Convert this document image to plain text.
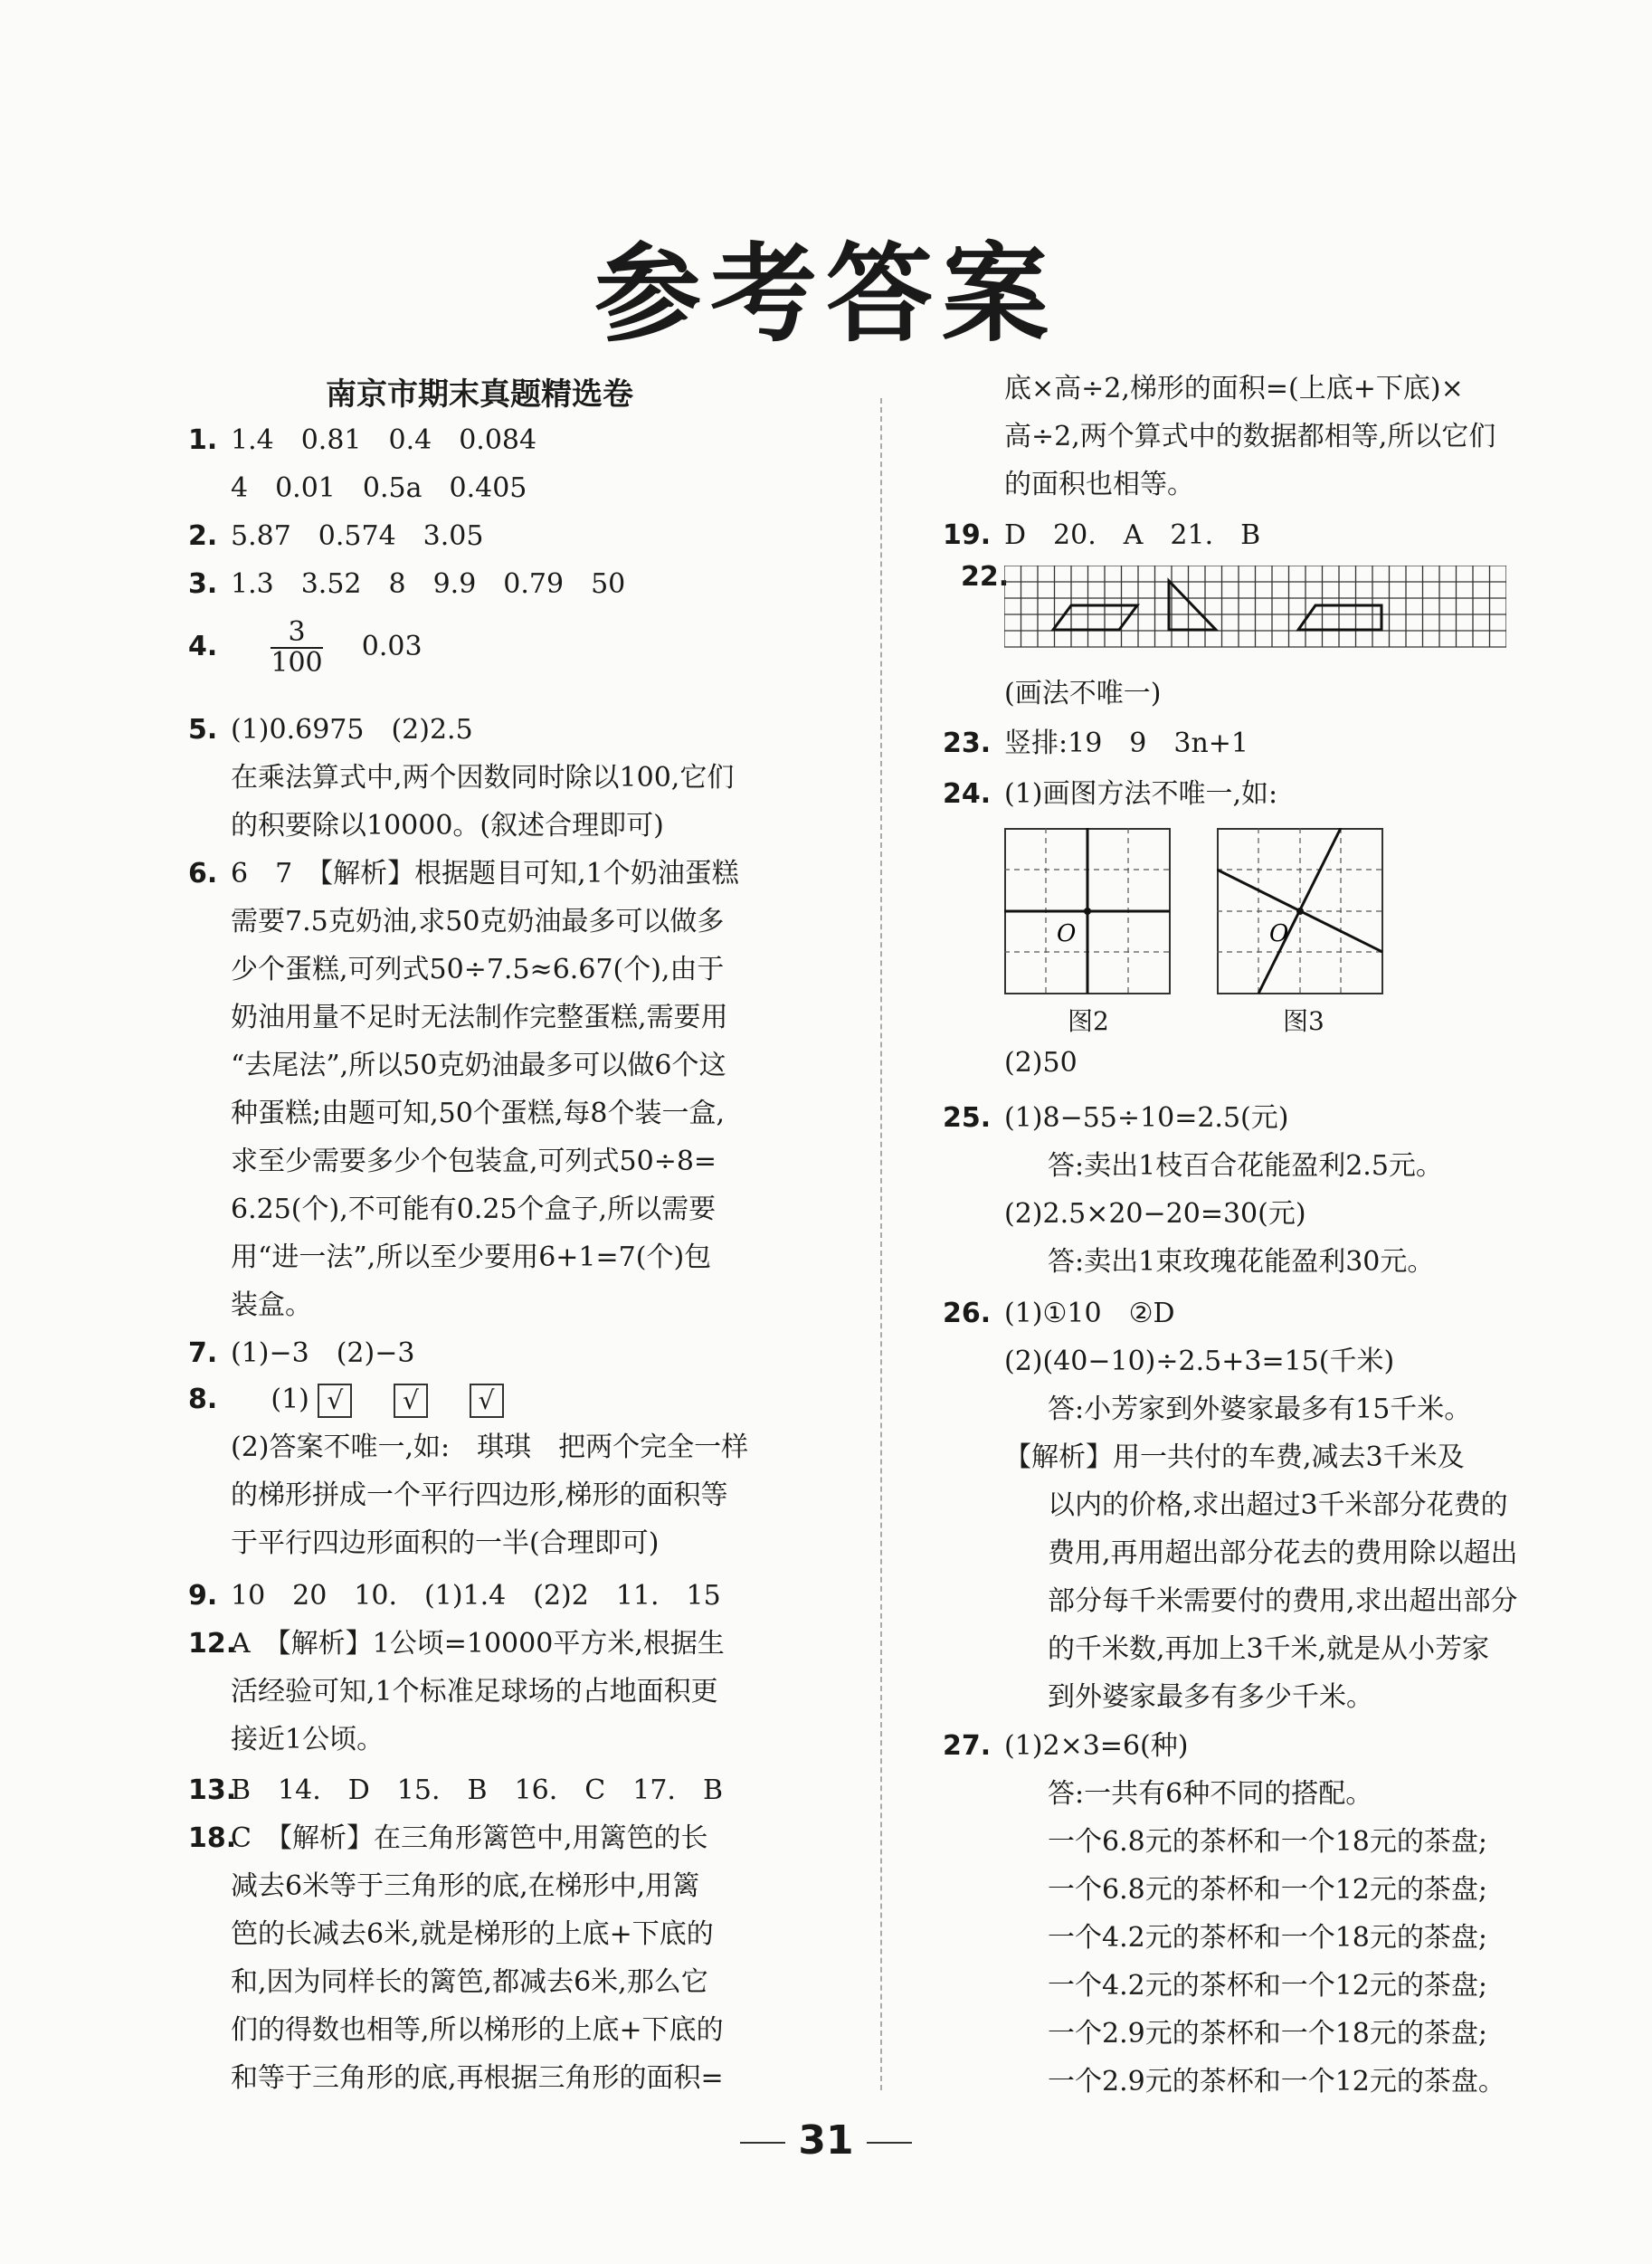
参考答案
南京市期末真题精选卷
1. 1.4　0.81　0.4　0.084
4　0.01　0.5a　0.405
2. 5.87　0.574　3.05
3. 1.3　3.52　8　9.9　0.79　50
5. (1)0.6975　(2)2.5
在乘法算式中,两个因数同时除以100,它们
的积要除以10000。(叙述合理即可)
6. 6　7　【解析】根据题目可知,1个奶油蛋糕
需要7.5克奶油,求50克奶油最多可以做多
少个蛋糕,可列式50÷7.5≈6.67(个),由于
奶油用量不足时无法制作完整蛋糕,需要用
“去尾法”,所以50克奶油最多可以做6个这
种蛋糕;由题可知,50个蛋糕,每8个装一盒,
求至少需要多少个包装盒,可列式50÷8=
6.25(个),不可能有0.25个盒子,所以需要
用“进一法”,所以至少要用6+1=7(个)包
装盒。
7. (1)−3　(2)−3
(2)答案不唯一,如:　琪琪　把两个完全一样
的梯形拼成一个平行四边形,梯形的面积等
于平行四边形面积的一半(合理即可)
9. 10　20　10.　(1)1.4　(2)2　11.　15
12.
A　【解析】1公顷=10000平方米,根据生
活经验可知,1个标准足球场的占地面积更
接近1公顷。
13.
B　14.　D　15.　B　16.　C　17.　B
18.
C　【解析】在三角形篱笆中,用篱笆的长
减去6米等于三角形的底,在梯形中,用篱
笆的长减去6米,就是梯形的上底+下底的
和,因为同样长的篱笆,都减去6米,那么它
们的得数也相等,所以梯形的上底+下底的
和等于三角形的底,再根据三角形的面积=
4. $\frac{3}{100} 0.03$
8. (1) √ √ √
底×高÷2,梯形的面积=(上底+下底)×
高÷2,两个算式中的数据都相等,所以它们
的面积也相等。
19. D　20.　A　21.　B
(画法不唯一)
23. 竖排:19　9　3n+1
24. (1)画图方法不唯一,如:
(2)50
25. (1)8−55÷10=2.5(元)
答:卖出1枝百合花能盈利2.5元。
(2)2.5×20−20=30(元)
答:卖出1束玫瑰花能盈利30元。
26. (1)①10　②D
(2)(40−10)÷2.5+3=15(千米)
答:小芳家到外婆家最多有15千米。
【解析】用一共付的车费,减去3千米及
以内的价格,求出超过3千米部分花费的
费用,再用超出部分花去的费用除以超出
部分每千米需要付的费用,求出超出部分
的千米数,再加上3千米,就是从小芳家
到外婆家最多有多少千米。
27. (1)2×3=6(种)
答:一共有6种不同的搭配。
一个6.8元的茶杯和一个18元的茶盘;
一个6.8元的茶杯和一个12元的茶盘;
一个4.2元的茶杯和一个18元的茶盘;
一个4.2元的茶杯和一个12元的茶盘;
一个2.9元的茶杯和一个18元的茶盘;
一个2.9元的茶杯和一个12元的茶盘。
22.
O
图2
O
图3
31
